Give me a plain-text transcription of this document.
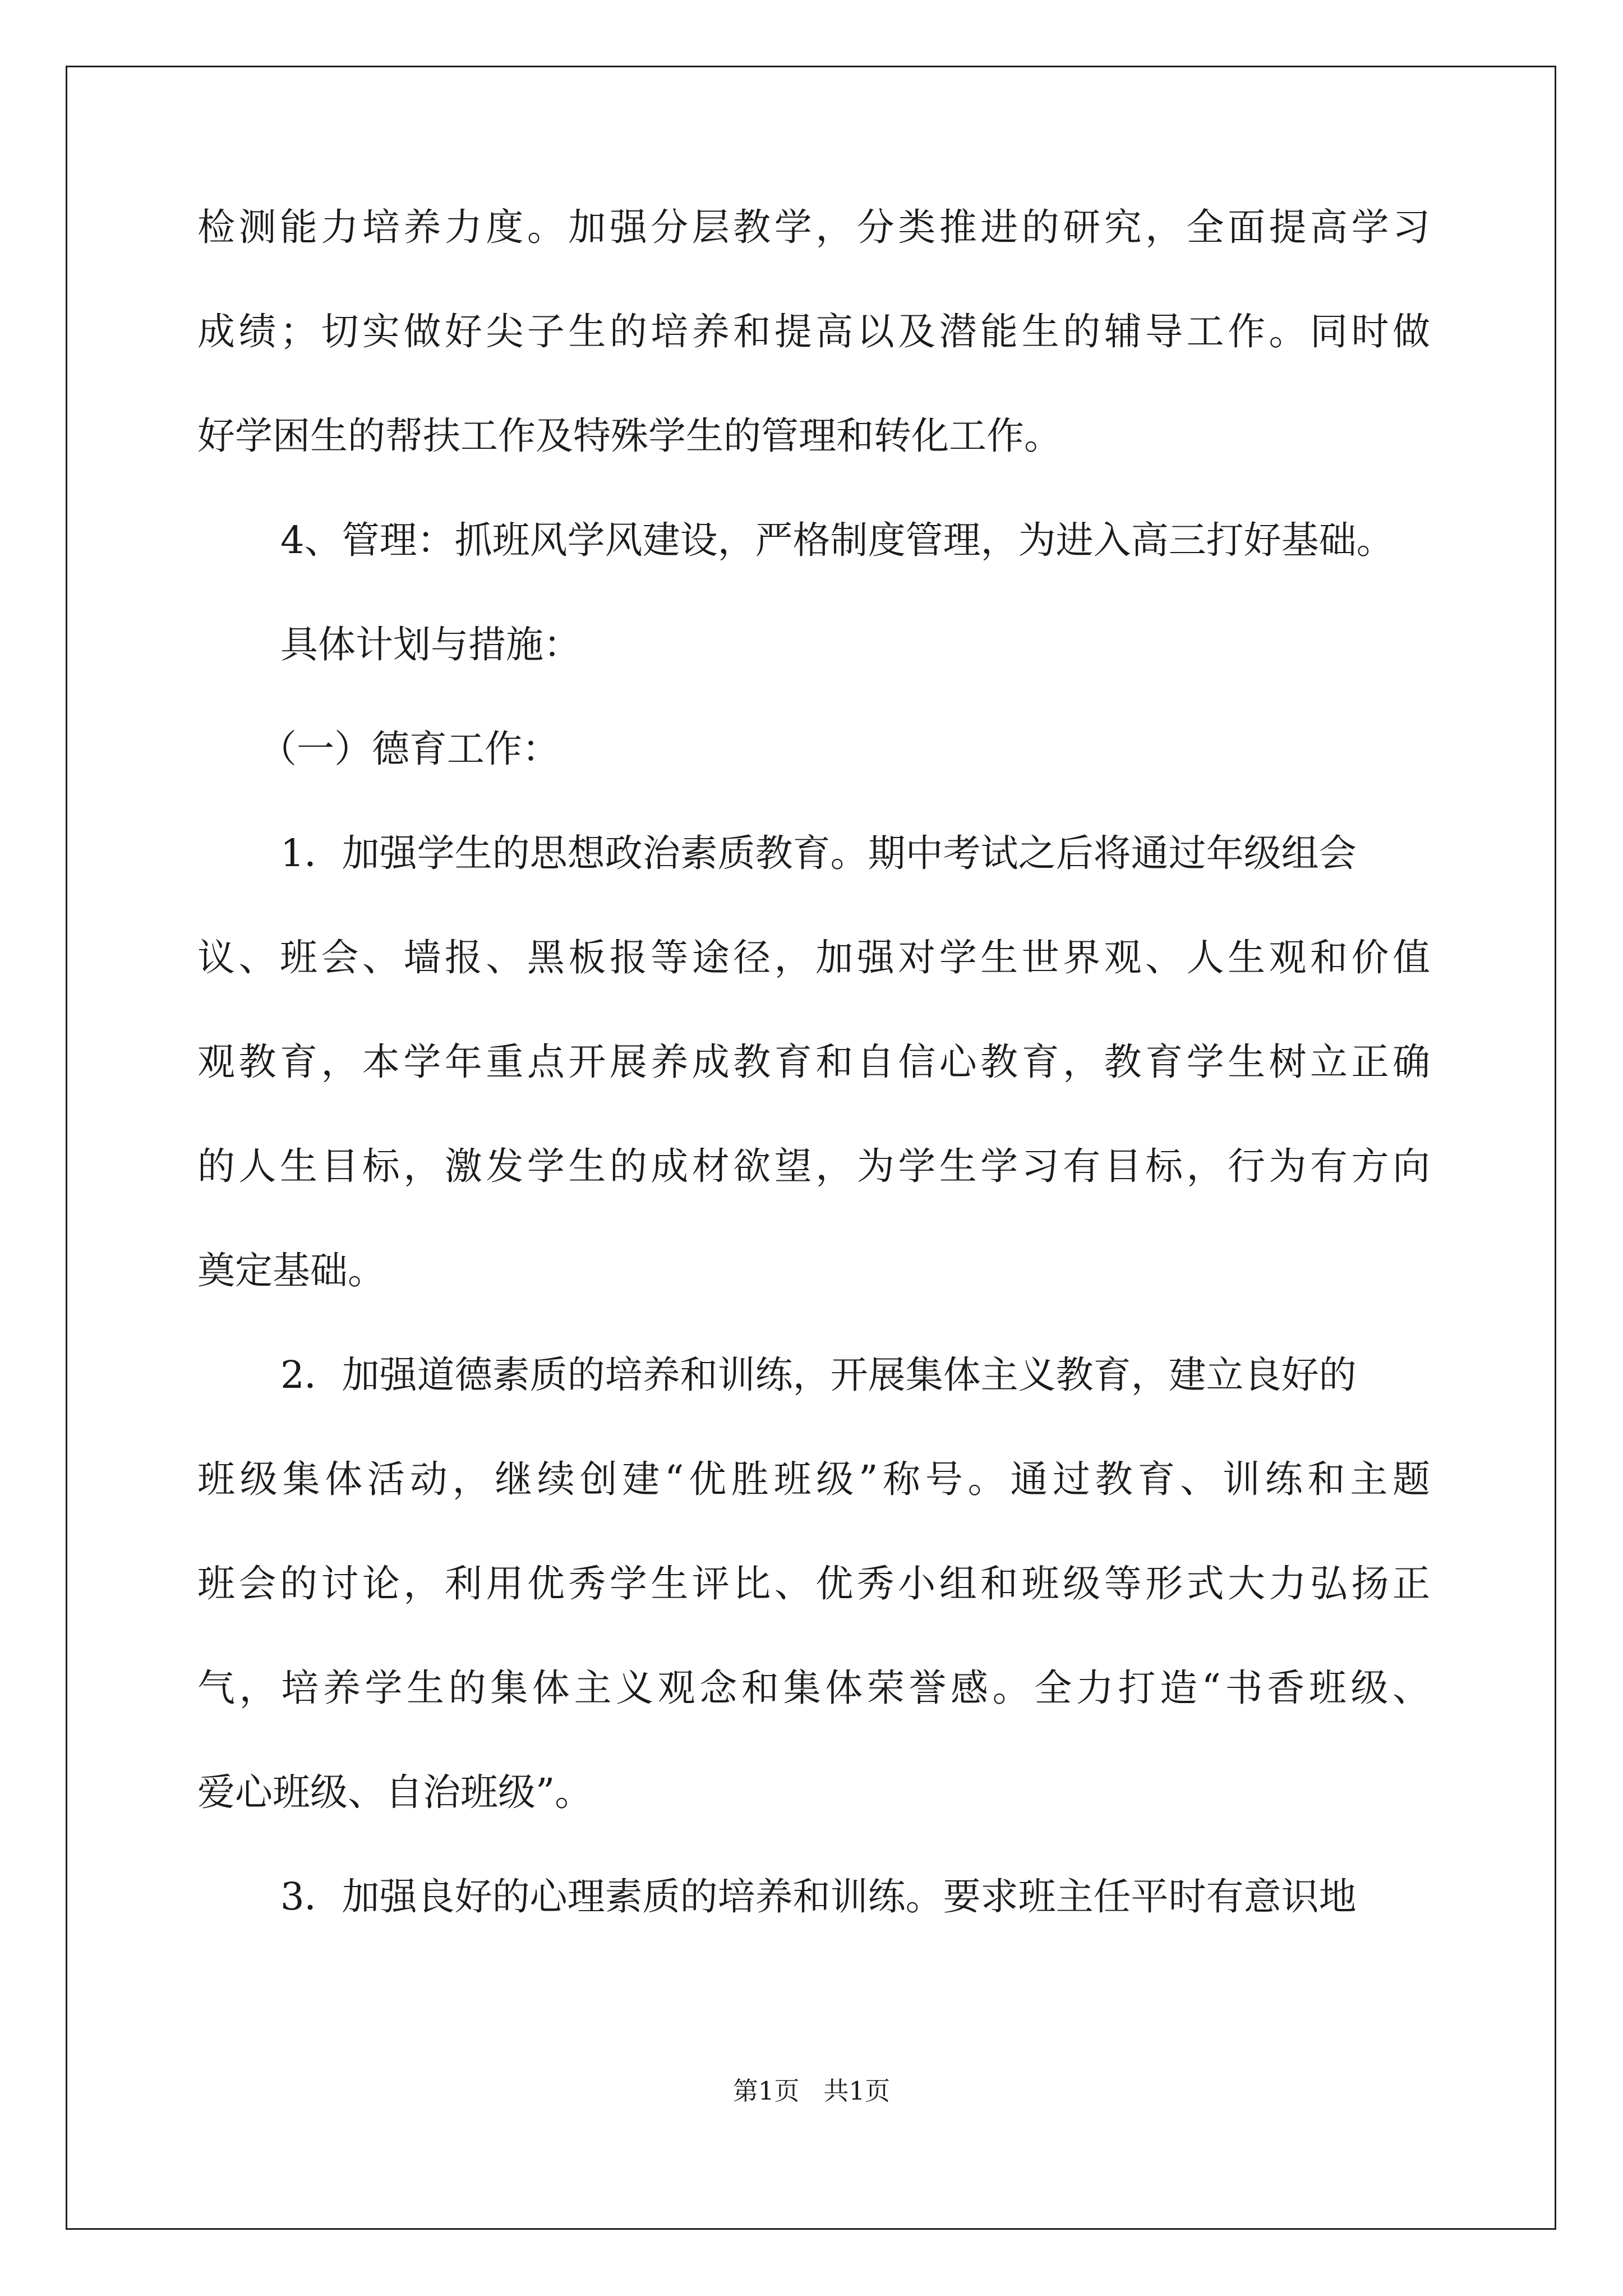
检测能力培养力度。加强分层教学，分类推进的研究，全面提高学习
成绩；切实做好尖子生的培养和提高以及潜能生的辅导工作。同时做
好学困生的帮扶工作及特殊学生的管理和转化工作。
4、管理：抓班风学风建设，严格制度管理，为进入高三打好基础。
具体计划与措施：
（一）德育工作：
1．加强学生的思想政治素质教育。期中考试之后将通过年级组会
议、班会、墙报、黑板报等途径，加强对学生世界观、人生观和价值
观教育，本学年重点开展养成教育和自信心教育，教育学生树立正确
的人生目标，激发学生的成材欲望，为学生学习有目标，行为有方向
奠定基础。
2．加强道德素质的培养和训练，开展集体主义教育，建立良好的
班级集体活动，继续创建“优胜班级”称号。通过教育、训练和主题
班会的讨论，利用优秀学生评比、优秀小组和班级等形式大力弘扬正
气，培养学生的集体主义观念和集体荣誉感。全力打造“书香班级、
爱心班级、自治班级”。
3．加强良好的心理素质的培养和训练。要求班主任平时有意识地
第1页   共1页
